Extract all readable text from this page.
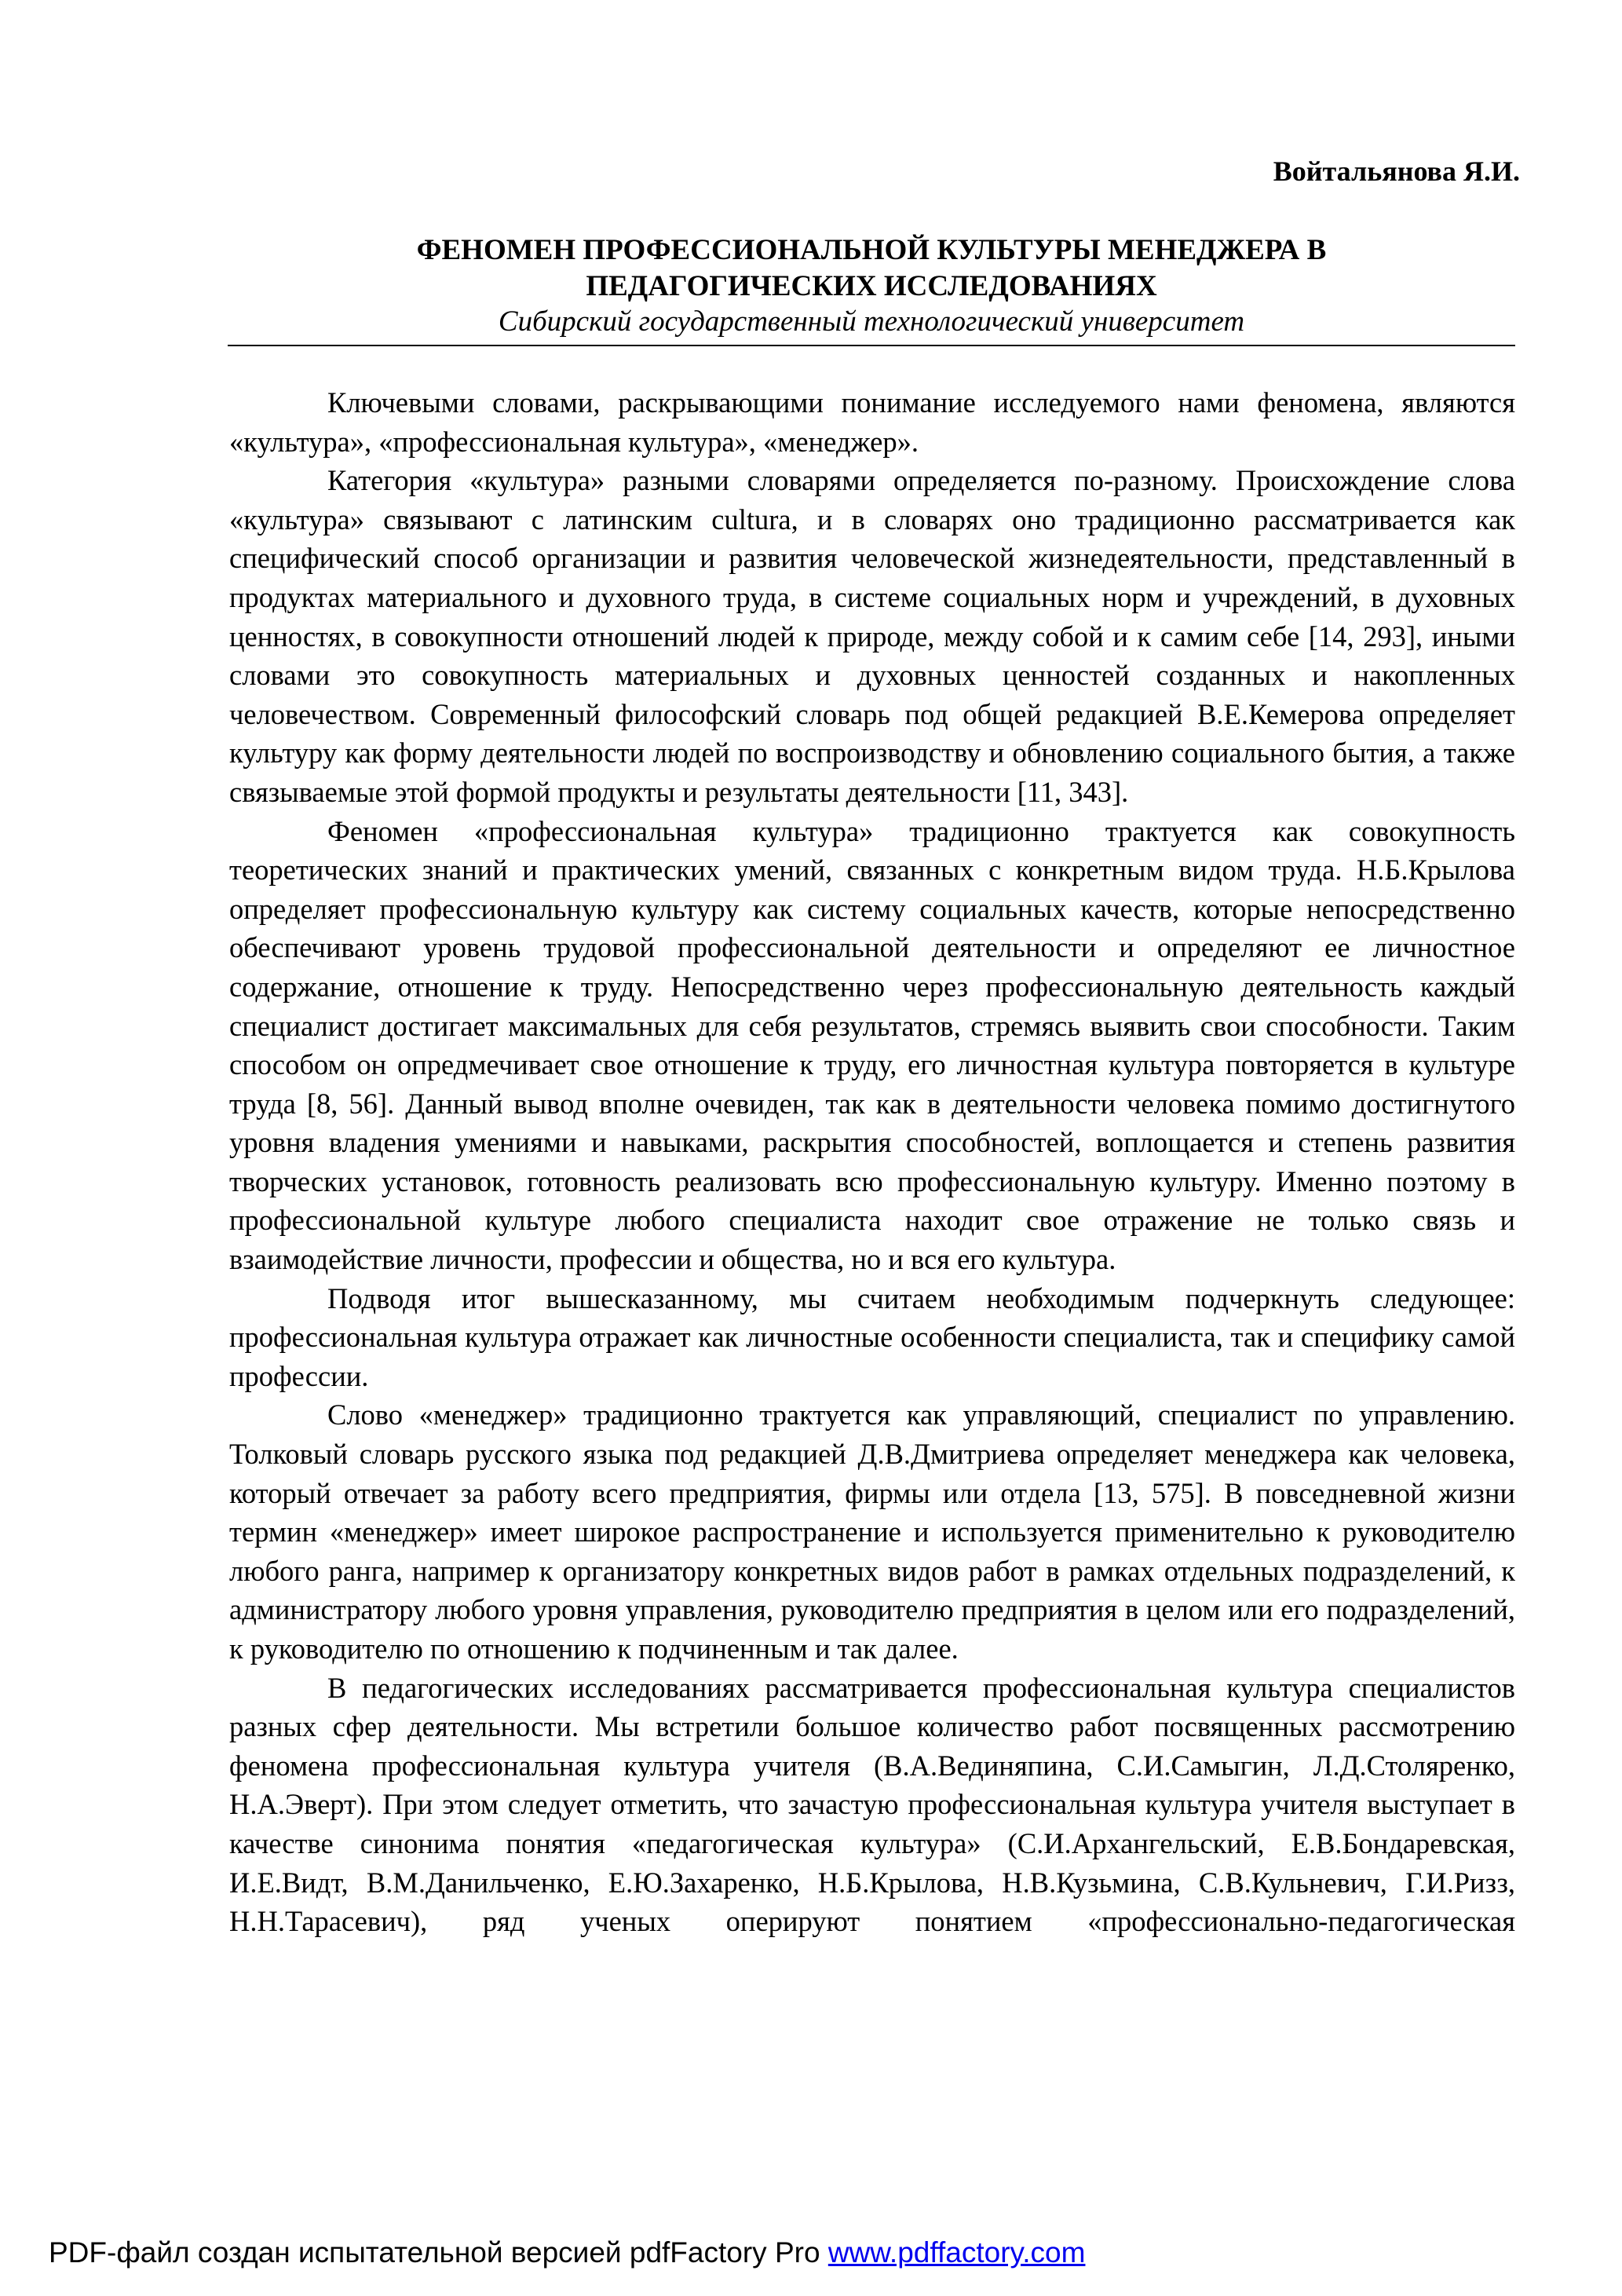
Войтальянова Я.И.
ФЕНОМЕН ПРОФЕССИОНАЛЬНОЙ КУЛЬТУРЫ МЕНЕДЖЕРА В
ПЕДАГОГИЧЕСКИХ ИССЛЕДОВАНИЯХ
Сибирский государственный технологический университет

Ключевыми словами, раскрывающими понимание исследуемого нами феномена, являются «культура», «профессиональная культура», «менеджер».

Категория «культура» разными словарями определяется по-разному. Происхождение слова «культура» связывают с латинским cultura, и в словарях оно традиционно рассматривается как специфический способ организации и развития человеческой жизнедеятельности, представленный в продуктах материального и духовного труда, в системе социальных норм и учреждений, в духовных ценностях, в совокупности отношений людей к природе, между собой и к самим себе [14, 293], иными словами это совокупность материальных и духовных ценностей созданных и накопленных человечеством. Современный философский словарь под общей редакцией В.Е.Кемерова определяет культуру как форму деятельности людей по воспроизводству и обновлению социального бытия, а также связываемые этой формой продукты и результаты деятельности [11, 343].

Феномен «профессиональная культура» традиционно трактуется как совокупность теоретических знаний и практических умений, связанных с конкретным видом труда. Н.Б.Крылова определяет профессиональную культуру как систему социальных качеств, которые непосредственно обеспечивают уровень трудовой профессиональной деятельности и определяют ее личностное содержание, отношение к труду. Непосредственно через профессиональную деятельность каждый специалист достигает максимальных для себя результатов, стремясь выявить свои способности. Таким способом он опредмечивает свое отношение к труду, его личностная культура повторяется в культуре труда [8, 56]. Данный вывод вполне очевиден, так как в деятельности человека помимо достигнутого уровня владения умениями и навыками, раскрытия способностей, воплощается и степень развития творческих установок, готовность реализовать всю профессиональную культуру. Именно поэтому в профессиональной культуре любого специалиста находит свое отражение не только связь и взаимодействие личности, профессии и общества, но и вся его культура.

Подводя итог вышесказанному, мы считаем необходимым подчеркнуть следующее: профессиональная культура отражает как личностные особенности специалиста, так и специфику самой профессии.

Слово «менеджер» традиционно трактуется как управляющий, специалист по управлению. Толковый словарь русского языка под редакцией Д.В.Дмитриева определяет менеджера как человека, который отвечает за работу всего предприятия, фирмы или отдела [13, 575]. В повседневной жизни термин «менеджер» имеет широкое распространение и используется применительно к руководителю любого ранга, например к организатору конкретных видов работ в рамках отдельных подразделений, к администратору любого уровня управления, руководителю предприятия в целом или его подразделений, к руководителю по отношению к подчиненным и так далее.

В педагогических исследованиях рассматривается профессиональная культура специалистов разных сфер деятельности. Мы встретили большое количество работ посвященных рассмотрению феномена профессиональная культура учителя (В.А.Вединяпина, С.И.Самыгин, Л.Д.Столяренко, Н.А.Эверт). При этом следует отметить, что зачастую профессиональная культура учителя выступает в качестве синонима понятия «педагогическая культура» (С.И.Архангельский, Е.В.Бондаревская, И.Е.Видт, В.М.Данильченко, Е.Ю.Захаренко, Н.Б.Крылова, Н.В.Кузьмина, С.В.Кульневич, Г.И.Ризз, Н.Н.Тарасевич), ряд ученых оперируют понятием «профессионально-педагогическая

PDF-файл создан испытательной версией pdfFactory Pro www.pdffactory.com
